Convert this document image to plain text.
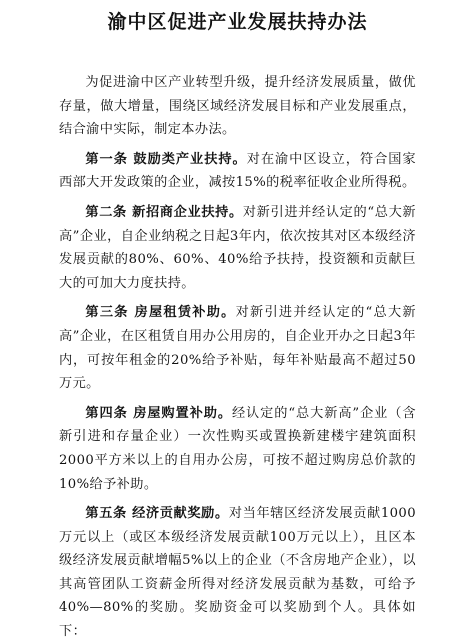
渝中区促进产业发展扶持办法

为促进渝中区产业转型升级，提升经济发展质量，做优存量，做大增量，围绕区域经济发展目标和产业发展重点，结合渝中实际，制定本办法。

第一条 鼓励类产业扶持。对在渝中区设立，符合国家西部大开发政策的企业，减按15%的税率征收企业所得税。

第二条 新招商企业扶持。对新引进并经认定的“总大新高”企业，自企业纳税之日起3年内，依次按其对区本级经济发展贡献的80%、60%、40%给予扶持，投资额和贡献巨大的可加大力度扶持。

第三条 房屋租赁补助。对新引进并经认定的“总大新高”企业，在区租赁自用办公用房的，自企业开办之日起3年内，可按年租金的20%给予补贴，每年补贴最高不超过50万元。

第四条 房屋购置补助。经认定的“总大新高”企业（含新引进和存量企业）一次性购买或置换新建楼宇建筑面积2000平方米以上的自用办公房，可按不超过购房总价款的10%给予补助。

第五条 经济贡献奖励。对当年辖区经济发展贡献1000万元以上（或区本级经济发展贡献100万元以上），且区本级经济发展贡献增幅5%以上的企业（不含房地产企业），以其高管团队工资薪金所得对经济发展贡献为基数，可给予40%—80%的奖励。奖励资金可以奖励到个人。具体如下：
